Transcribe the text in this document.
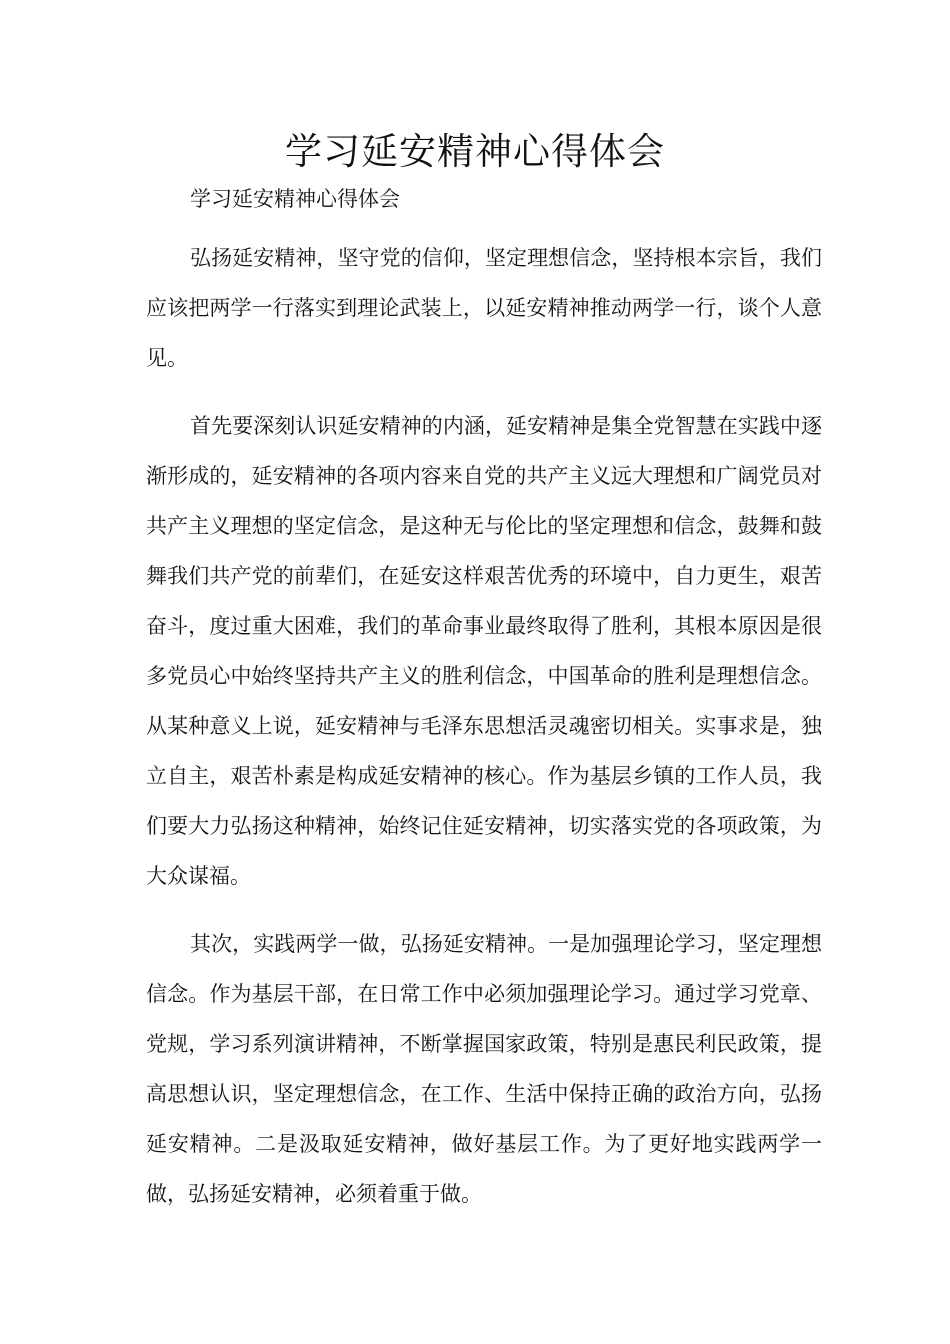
学习延安精神心得体会

学习延安精神心得体会

弘扬延安精神，坚守党的信仰，坚定理想信念，坚持根本宗旨，我们应该把两学一行落实到理论武装上，以延安精神推动两学一行，谈个人意见。

首先要深刻认识延安精神的内涵，延安精神是集全党智慧在实践中逐渐形成的，延安精神的各项内容来自党的共产主义远大理想和广阔党员对共产主义理想的坚定信念，是这种无与伦比的坚定理想和信念，鼓舞和鼓舞我们共产党的前辈们，在延安这样艰苦优秀的环境中，自力更生，艰苦奋斗，度过重大困难，我们的革命事业最终取得了胜利，其根本原因是很多党员心中始终坚持共产主义的胜利信念，中国革命的胜利是理想信念。从某种意义上说，延安精神与毛泽东思想活灵魂密切相关。实事求是，独立自主，艰苦朴素是构成延安精神的核心。作为基层乡镇的工作人员，我们要大力弘扬这种精神，始终记住延安精神，切实落实党的各项政策，为大众谋福。

其次，实践两学一做，弘扬延安精神。一是加强理论学习，坚定理想信念。作为基层干部，在日常工作中必须加强理论学习。通过学习党章、党规，学习系列演讲精神，不断掌握国家政策，特别是惠民利民政策，提高思想认识，坚定理想信念，在工作、生活中保持正确的政治方向，弘扬延安精神。二是汲取延安精神，做好基层工作。为了更好地实践两学一做，弘扬延安精神，必须着重于做。
